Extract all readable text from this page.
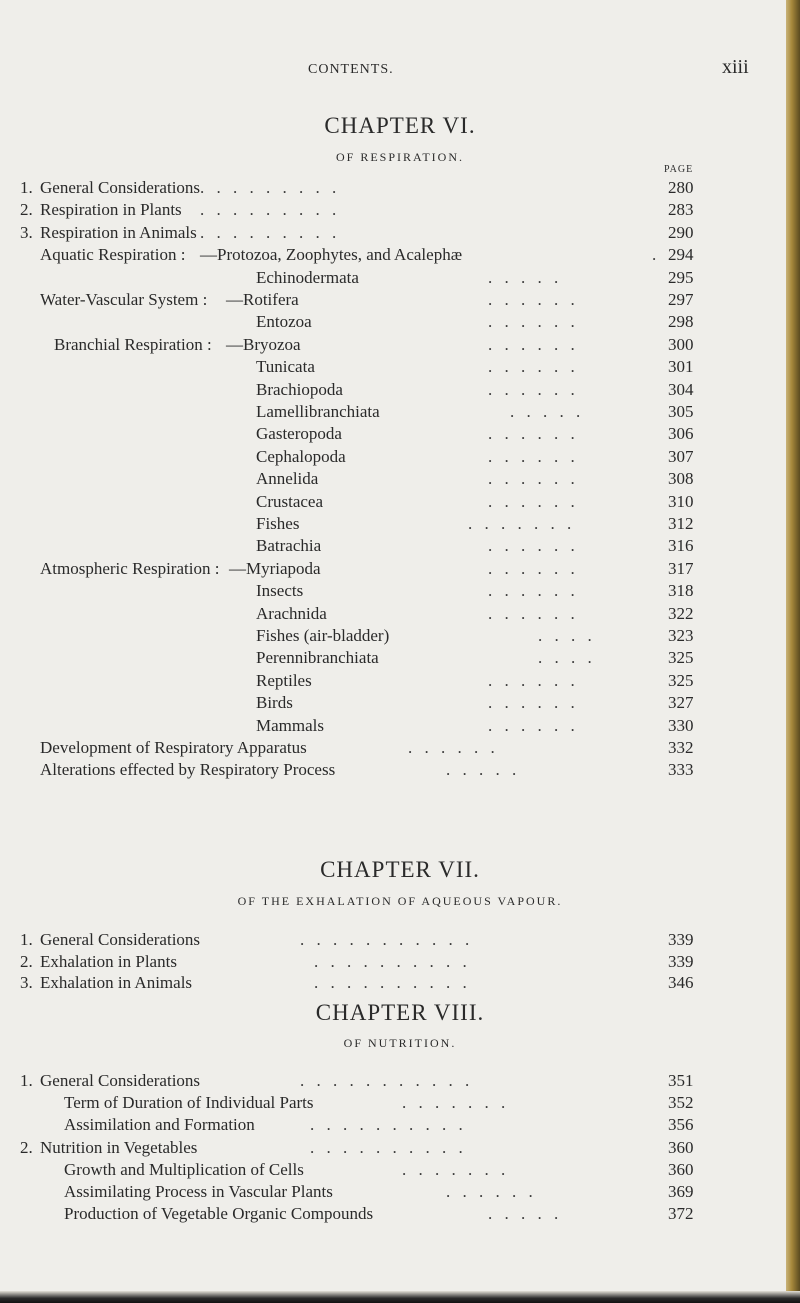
CONTENTS.	xiii
CHAPTER VI.
OF RESPIRATION.
PAGE
1. General Considerations . . . . . . . . .	280
2. Respiration in Plants . . . . . . . . .	283
3. Respiration in Animals . . . . . . . . .	290
Aquatic Respiration : —Protozoa, Zoophytes, and Acalephæ	. 294
Echinodermata	. . . . .	295
Water-Vascular System : —Rotifera	. . . . . .	297
Entozoa	. . . . . .	298
Branchial Respiration : —Bryozoa	. . . . . .	300
Tunicata	. . . . . .	301
Brachiopoda	. . . . . .	304
Lamellibranchiata	. . . . .	305
Gasteropoda	. . . . . .	306
Cephalopoda	. . . . . .	307
Annelida	. . . . . .	308
Crustacea	. . . . . .	310
Fishes	. . . . . . .	312
Batrachia	. . . . . .	316
Atmospheric Respiration : —Myriapoda	. . . . . .	317
Insects	. . . . . .	318
Arachnida	. . . . . .	322
Fishes (air-bladder)	. . . .	323
Perennibranchiata	. . . .	325
Reptiles	. . . . . .	325
Birds	. . . . . .	327
Mammals	. . . . . .	330
Development of Respiratory Apparatus	. . . . . .	332
Alterations effected by Respiratory Process	. . . . .	333
CHAPTER VII.
OF THE EXHALATION OF AQUEOUS VAPOUR.
1. General Considerations	. . . . . . . . . . .	339
2. Exhalation in Plants	. . . . . . . . . .	339
3. Exhalation in Animals	. . . . . . . . . .	346
CHAPTER VIII.
OF NUTRITION.
1. General Considerations	. . . . . . . . . . .	351
Term of Duration of Individual Parts	. . . . . . .	352
Assimilation and Formation	. . . . . . . . . .	356
2. Nutrition in Vegetables	. . . . . . . . . .	360
Growth and Multiplication of Cells	. . . . . . .	360
Assimilating Process in Vascular Plants	. . . . . .	369
Production of Vegetable Organic Compounds	. . . . .	372
